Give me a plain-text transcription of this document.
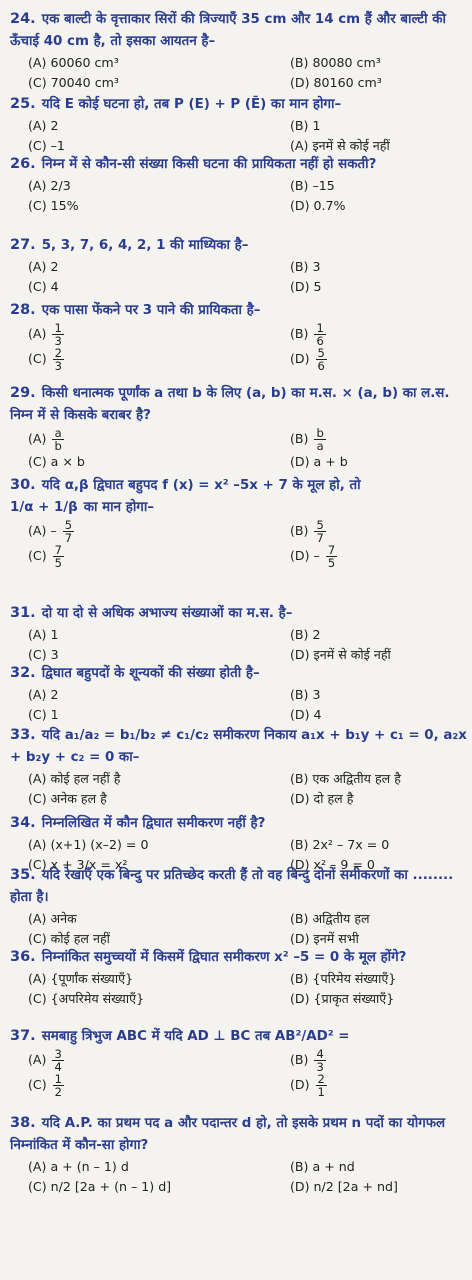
24. एक बाल्टी के वृत्ताकार सिरों की त्रिज्याएँ 35 cm और 14 cm हैं और बाल्टी की ऊँचाई 40 cm है, तो इसका आयतन है–
(A) 60060 cm³	(B) 80080 cm³
(C) 70040 cm³	(D) 80160 cm³
25. यदि E कोई घटना हो, तब P (E) + P (Ē) का मान होगा–
(A) 2	(B) 1
(C) –1	(A) इनमें से कोई नहीं
26. निम्न में से कौन-सी संख्या किसी घटना की प्रायिकता नहीं हो सकती?
(A) 2/3	(B) –15
(C) 15%	(D) 0.7%
27. 5, 3, 7, 6, 4, 2, 1 की माध्यिका है–
(A) 2	(B) 3
(C) 4	(D) 5
28. एक पासा फेंकने पर 3 पाने की प्रायिकता है–
$(A) \frac{1}{3}$	$(B) \frac{1}{6}$
$(C) \frac{2}{3}$	$(D) \frac{5}{6}$
29. किसी धनात्मक पूर्णांक a तथा b के लिए (a, b) का म.स. × (a, b) का ल.स. निम्न में से किसके बराबर है?
$(A) \frac{a}{b}$	$(B) \frac{b}{a}$
(C) a × b	(D) a + b
30. यदि α,β द्विघात बहुपद f (x) = x² –5x + 7 के मूल हो, तो
1/α + 1/β का मान होगा–
$(A) - \frac{5}{7}$	$(B) \frac{5}{7}$
$(C) \frac{7}{5}$	$(D) - \frac{7}{5}$
31. दो या दो से अधिक अभाज्य संख्याओं का म.स. है–
(A) 1	(B) 2
(C) 3	(D) इनमें से कोई नहीं
32. द्विघात बहुपदों के शून्यकों की संख्या होती है–
(A) 2	(B) 3
(C) 1	(D) 4
33. यदि a₁/a₂ = b₁/b₂ ≠ c₁/c₂ समीकरण निकाय a₁x + b₁y + c₁ = 0, a₂x + b₂y + c₂ = 0 का–
(A) कोई हल नहीं है	(B) एक अद्वितीय हल है
(C) अनेक हल है	(D) दो हल है
34. निम्नलिखित में कौन द्विघात समीकरण नहीं है?
(A) (x+1) (x–2) = 0	(B) 2x² – 7x = 0
(C) x + 3/x = x²	(D) x² – 9 = 0
35. यदि रेखाएँ एक बिन्दु पर प्रतिच्छेद करती हैं तो वह बिन्दु दोनों समीकरणों का ........ होता है।
(A) अनेक	(B) अद्वितीय हल
(C) कोई हल नहीं	(D) इनमें सभी
36. निम्नांकित समुच्चयों में किसमें द्विघात समीकरण x² –5 = 0 के मूल होंगे?
(A) {पूर्णांक संख्याएँ}	(B) {परिमेय संख्याएँ}
(C) {अपरिमेय संख्याएँ}	(D) {प्राकृत संख्याएँ}
37. समबाहु त्रिभुज ABC में यदि AD ⊥ BC तब AB²/AD² =
$(A) \frac{3}{4}$	$(B) \frac{4}{3}$
$(C) \frac{1}{2}$	$(D) \frac{2}{1}$
38. यदि A.P. का प्रथम पद a और पदान्तर d हो, तो इसके प्रथम n पदों का योगफल निम्नांकित में कौन-सा होगा?
(A) a + (n – 1) d	(B) a + nd
(C) n/2 [2a + (n – 1) d]	(D) n/2 [2a + nd]
